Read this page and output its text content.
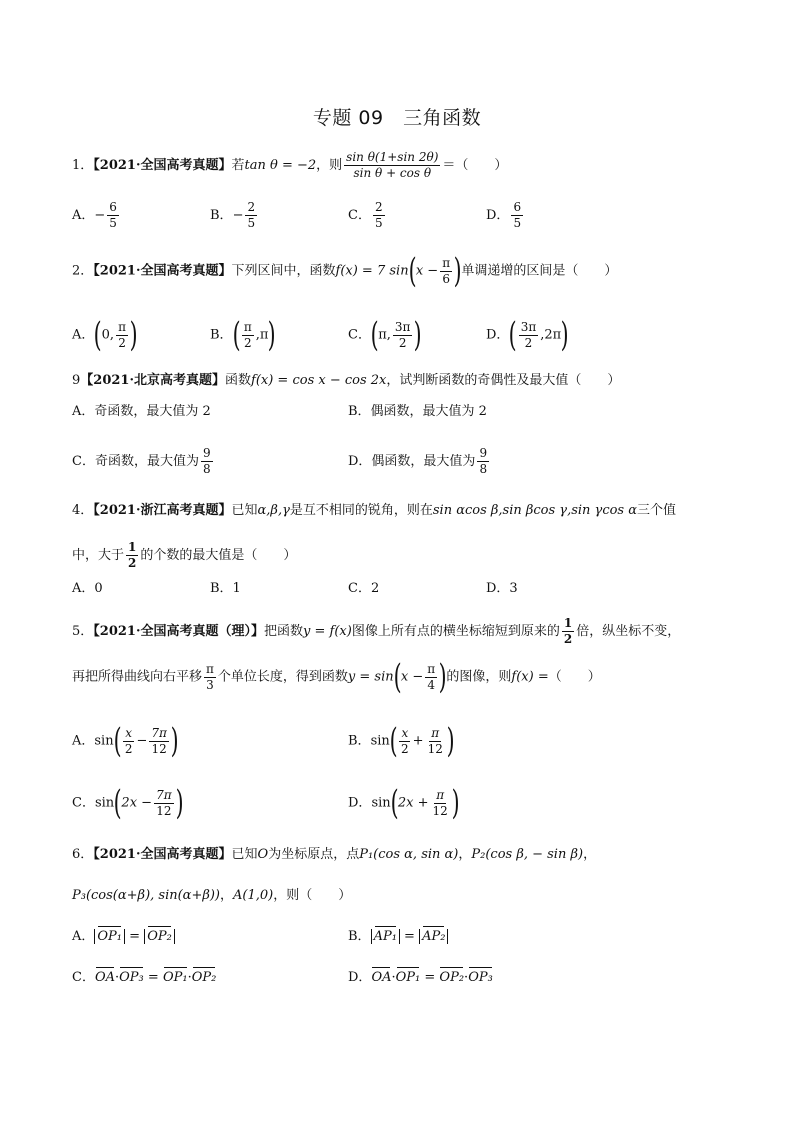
专题 09　三角函数
1．【2021·全国高考真题】若tan θ = −2，则 $\frac{\text{sin θ(1+sin 2θ)}}{\text{sin θ + cos θ}}$ ＝（　　）
A．− $\frac{6}{5}$	B．− $\frac{2}{5}$	C． $\frac{2}{5}$	D． $\frac{6}{5}$
2．【2021·全国高考真题】下列区间中，函数f(x) = 7 $\sin(x - \frac{\pi}{6}$ )单调递增的区间是（　　）
A．(0, $\frac{\pi}{2}$ )	B．( $\frac{\pi}{2} ,\pi$)	C．(π, $\frac{3\pi}{2}$ )	D．( $\frac{3\pi}{2} ,2\pi$)
9【2021·北京高考真题】函数f(x) = cos x − cos 2x，试判断函数的奇偶性及最大值（　　）
A．奇函数，最大值为 2	B．偶函数，最大值为 2
C．奇函数，最大值为 $\frac{9}{8}$	D．偶函数，最大值为 $\frac{9}{8}$
4．【2021·浙江高考真题】已知α,β,γ是互不相同的锐角，则在sin αcos β,sin βcos γ,sin γcos α三个值
中，大于 $\frac{1}{2}$ 的个数的最大值是（　　）
A．0	B．1	C．2	D．3
5．【2021·全国高考真题（理）】把函数y = f(x)图像上所有点的横坐标缩短到原来的 $\frac{1}{2}$ 倍，纵坐标不变，
再把所得曲线向右平移 $\frac{\pi}{3}$ 个单位长度，得到函数$y = \sin(x - \frac{\pi}{4}$ )的图像，则f(x) =（　　）
A．$\sin( \frac{x}{2} - \frac{7\pi}{12}$ )	B．$\sin( \frac{x}{2} + \frac{\pi}{12}$ )
C．$\sin(2x - \frac{7\pi}{12}$ )	D．$\sin(2x + \frac{\pi}{12}$ )
6．【2021·全国高考真题】已知O为坐标原点，点P₁(cos α, sin α)，P₂(cos β, − sin β)，
P₃(cos(α+β), sin(α+β))，A(1,0)，则（　　）
A． OP₁ = OP₂	B． AP₁ = AP₂
C．OA·OP₃ = OP₁·OP₂	D．OA·OP₁ = OP₂·OP₃
